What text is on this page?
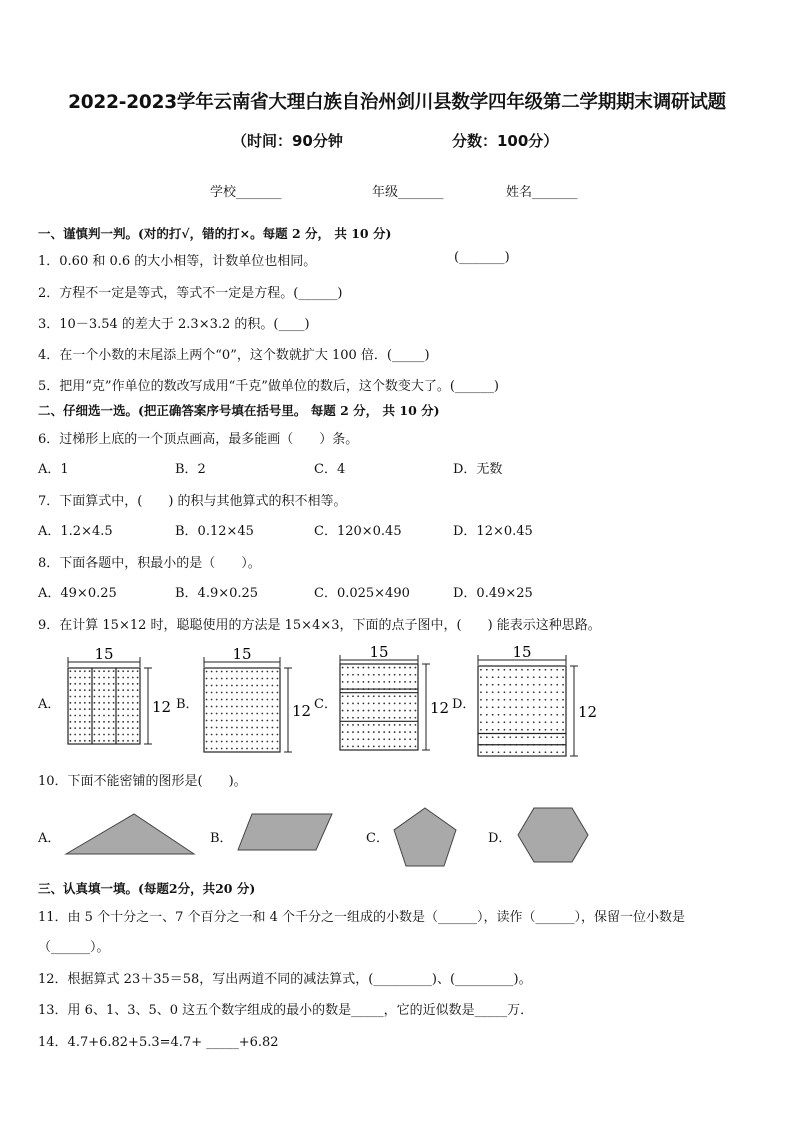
2022-2023学年云南省大理白族自治州剑川县数学四年级第二学期期末调研试题
（时间：90分钟	分数：100分）
学校_______	年级_______	姓名_______
一、谨慎判一判。(对的打√，错的打×。每题 2 分， 共 10 分)
1．0.60 和 0.6 的大小相等，计数单位也相同。	(_______)
2．方程不一定是等式，等式不一定是方程。(______)
3．10－3.54 的差大于 2.3×3.2 的积。(____)
4．在一个小数的末尾添上两个“0”，这个数就扩大 100 倍．(_____)
5．把用“克”作单位的数改写成用“千克”做单位的数后，这个数变大了。(______)
二、仔细选一选。(把正确答案序号填在括号里。 每题 2 分， 共 10 分)
6．过梯形上底的一个顶点画高，最多能画（　　）条。
A．1	B．2	C．4	D．无数
7．下面算式中，(　　) 的积与其他算式的积不相等。
A．1.2×4.5	B．0.12×45	C．120×0.45	D．12×0.45
8．下面各题中，积最小的是（　　）。
A．49×0.25	B．4.9×0.25	C．0.025×490	D．0.49×25
9．在计算 15×12 时，聪聪使用的方法是 15×4×3，下面的点子图中，(　　) 能表示这种思路。
A．	B．	C．	D．
15
12
15
12
15
12
15
12
10．下面不能密铺的图形是(　　)。
A．	B．	C．	D．
三、认真填一填。(每题2分，共20 分)
11．由 5 个十分之一、7 个百分之一和 4 个千分之一组成的小数是（______），读作（______），保留一位小数是
（______）。
12．根据算式 23＋35＝58，写出两道不同的减法算式，(_________)、(_________)。
13．用 6、1、3、5、0 这五个数字组成的最小的数是_____，它的近似数是_____万．
14．4.7+6.82+5.3=4.7+ _____+6.82
